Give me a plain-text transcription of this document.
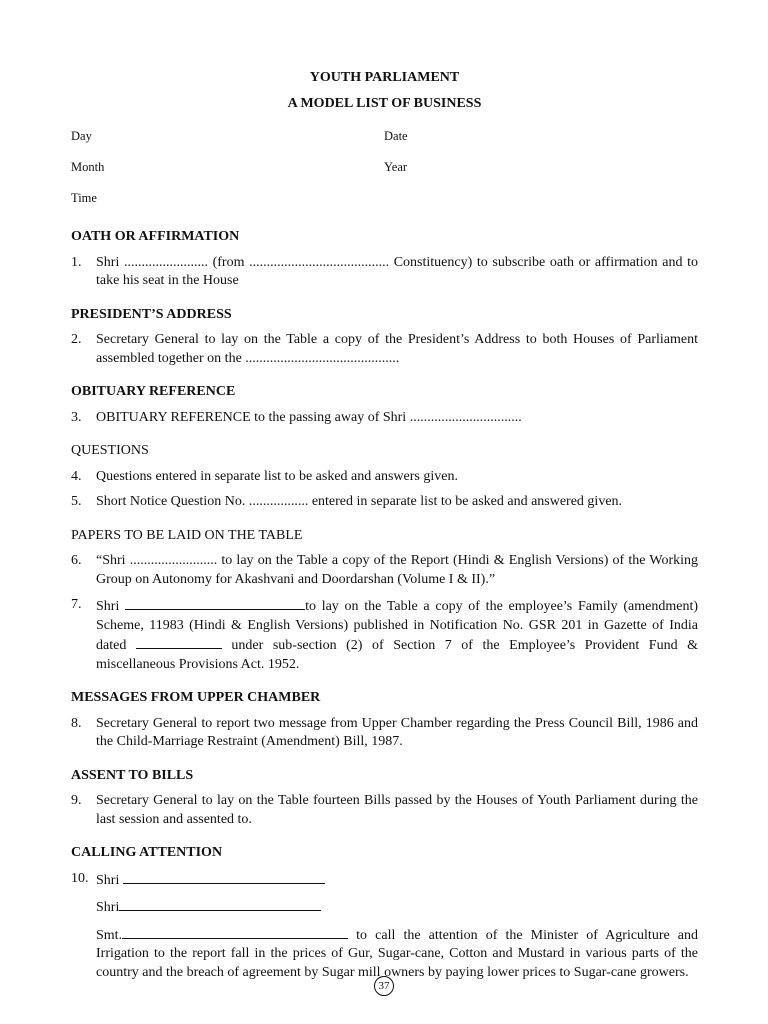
YOUTH PARLIAMENT

A MODEL LIST OF BUSINESS

Day	Date
Month	Year
Time

OATH OR AFFIRMATION

1.	Shri ........................ (from ........................................ Constituency) to subscribe oath or affirmation and to take his seat in the House

PRESIDENT’S ADDRESS

2.	Secretary General to lay on the Table a copy of the President’s Address to both Houses of Parliament assembled together on the ............................................

OBITUARY REFERENCE

3.	OBITUARY REFERENCE to the passing away of Shri ................................

QUESTIONS

4.	Questions entered in separate list to be asked and answers given.
5.	Short Notice Question No. ................. entered in separate list to be asked and answered given.

PAPERS TO BE LAID ON THE TABLE

6.	“Shri ......................... to lay on the Table a copy of the Report (Hindi & English Versions) of the Working Group on Autonomy for Akashvani and Doordarshan (Volume I & II).”
7.	Shri	to lay on the Table a copy of the employee’s Family (amendment) Scheme, 11983 (Hindi & English Versions) published in Notification No. GSR 201 in Gazette of India dated	under sub-section (2) of Section 7 of the Employee’s Provident Fund & miscellaneous Provisions Act. 1952.

MESSAGES FROM UPPER CHAMBER

8.	Secretary General to report two message from Upper Chamber regarding the Press Council Bill, 1986 and the Child-Marriage Restraint (Amendment) Bill, 1987.

ASSENT TO BILLS

9.	Secretary General to lay on the Table fourteen Bills passed by the Houses of Youth Parliament during the last session and assented to.

CALLING ATTENTION

10. Shri
Shri
Smt.	to call the attention of the Minister of Agriculture and Irrigation to the report fall in the prices of Gur, Sugar-cane, Cotton and Mustard in various parts of the country and the breach of agreement by Sugar mill owners by paying lower prices to Sugar-cane growers.
37
